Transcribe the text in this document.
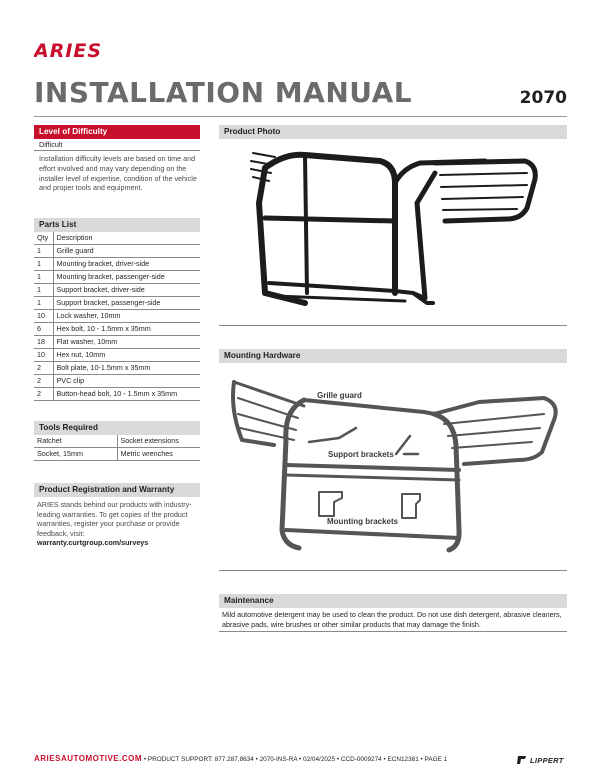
ARIES
INSTALLATION MANUAL	2070
Level of Difficulty
Difficult
Installation difficulty levels are based on time and effort involved and may vary depending on the installer level of expertise, condition of the vehicle and proper tools and equipment.
Parts List
Qty	Description
1	Grille guard
1	Mounting bracket, driver-side
1	Mounting bracket, passenger-side
1	Support bracket, driver-side
1	Support bracket, passenger-side
10	Lock washer, 10mm
6	Hex bolt, 10 - 1.5mm x 35mm
18	Flat washer, 10mm
10	Hex nut, 10mm
2	Bolt plate, 10-1.5mm x 35mm
2	PVC clip
2	Button-head bolt, 10 - 1.5mm x 35mm
Tools Required
Ratchet	Socket extensions
Socket, 15mm	Metric wrenches
Product Registration and Warranty
ARIES stands behind our products with industry-leading warranties. To get copies of the product warranties, register your purchase or provide feedback, visit:
warranty.curtgroup.com/surveys
Product Photo
Mounting Hardware
Grille guard
Support brackets
Mounting brackets
Maintenance
Mild automotive detergent may be used to clean the product. Do not use dish detergent, abrasive cleaners, abrasive pads, wire brushes or other similar products that may damage the finish.
ARIESAUTOMOTIVE.COM • PRODUCT SUPPORT: 877.287.8634 • 2070-INS-RA • 02/04/2025 • CCD-0009274 • ECN12381 • PAGE 1	LIPPERT
